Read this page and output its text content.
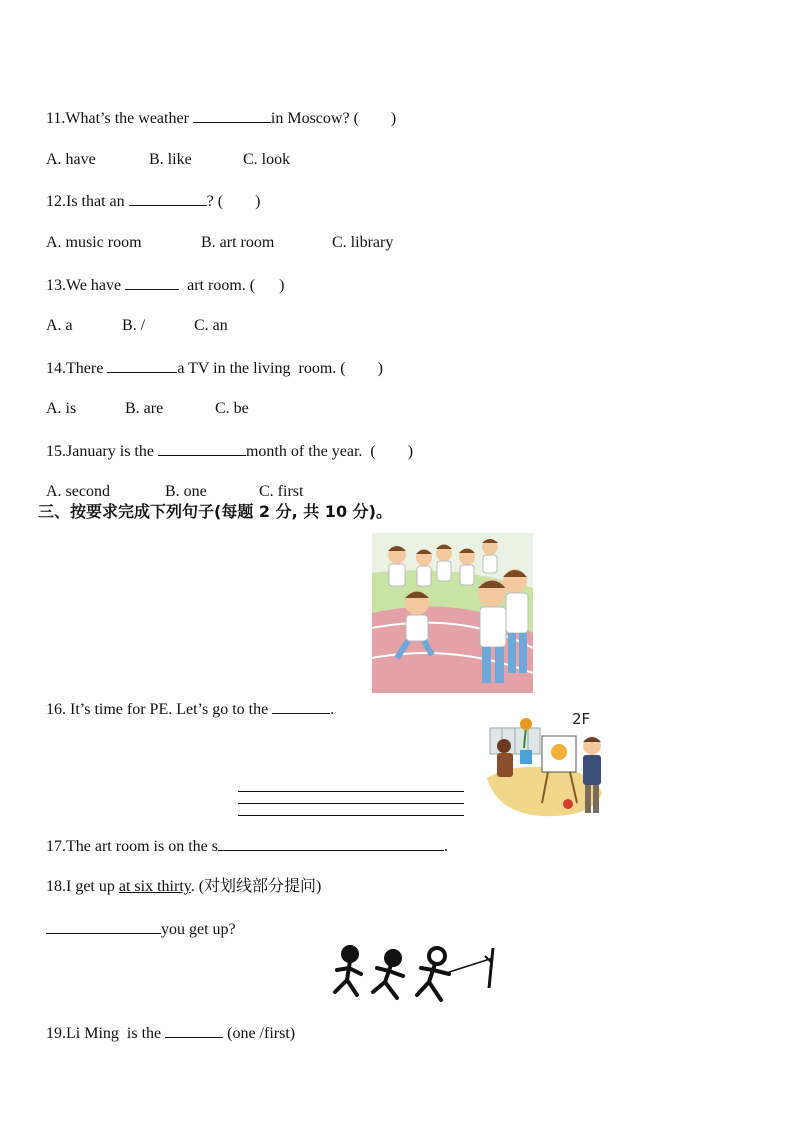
11.What’s the weather	in Moscow? (        )

A. have	B. like	C. look

12.Is that an	? (        )

A. music room	B. art room	C. library

13.We have	art room. (      )

A. a	B. /	C. an

14.There	a TV in the living  room. (        )

A. is	B. are	C. be

15.January is the	month of the year.  (        )

A. second	B. one	C. first

三、按要求完成下列句子(每题 2 分, 共 10 分)。

16. It’s time for PE. Let’s go to the	.

2F

17.The art room is on the s	.

18.I get up at six thirty. (对划线部分提问)

you get up?

19.Li Ming  is the	(one /first)
